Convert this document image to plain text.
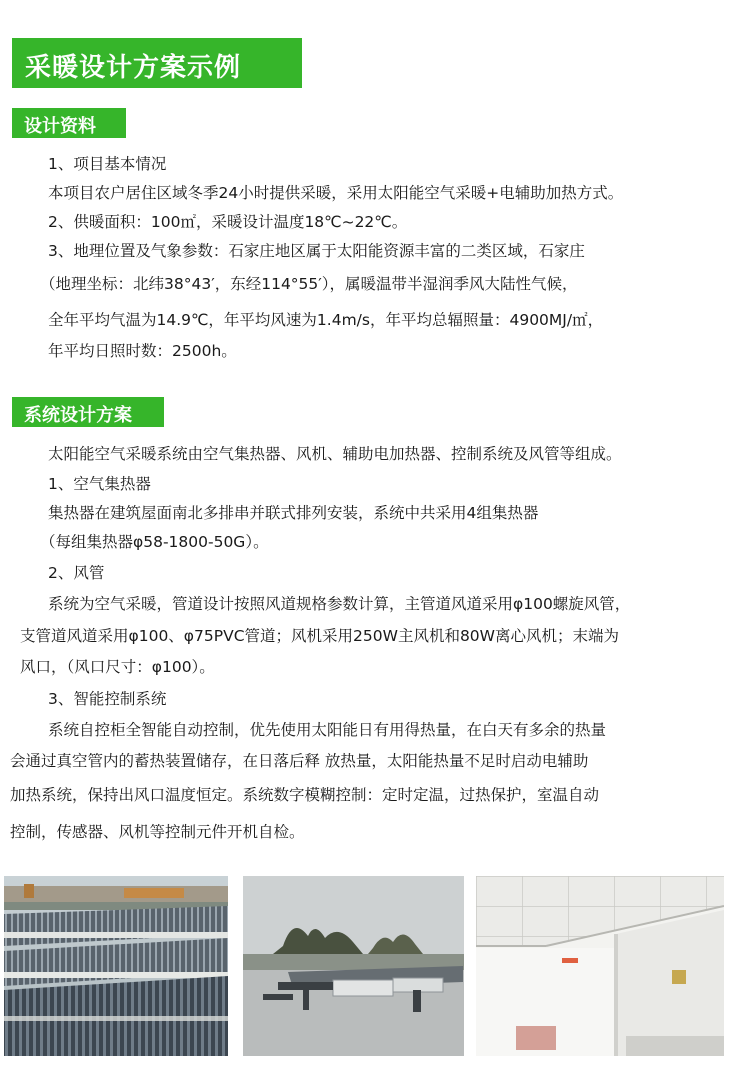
采暖设计方案示例
设计资料
1、项目基本情况
本项目农户居住区域冬季24小时提供采暖，采用太阳能空气采暖+电辅助加热方式。
2、供暖面积：100㎡，采暖设计温度18℃~22℃。
3、地理位置及气象参数：石家庄地区属于太阳能资源丰富的二类区域，石家庄
（地理坐标：北纬38°43′，东经114°55′），属暖温带半湿润季风大陆性气候，
全年平均气温为14.9℃，年平均风速为1.4m/s，年平均总辐照量：4900MJ/㎡，
年平均日照时数：2500h。
系统设计方案
太阳能空气采暖系统由空气集热器、风机、辅助电加热器、控制系统及风管等组成。
1、空气集热器
集热器在建筑屋面南北多排串并联式排列安装，系统中共采用4组集热器
（每组集热器φ58-1800-50G）。
2、风管
系统为空气采暖，管道设计按照风道规格参数计算，主管道风道采用φ100螺旋风管，
支管道风道采用φ100、φ75PVC管道；风机采用250W主风机和80W离心风机；末端为
风口，（风口尺寸：φ100）。
3、智能控制系统
系统自控柜全智能自动控制，优先使用太阳能日有用得热量，在白天有多余的热量
会通过真空管内的蓄热装置储存，在日落后释 放热量，太阳能热量不足时启动电辅助
加热系统，保持出风口温度恒定。系统数字模糊控制：定时定温，过热保护，室温自动
控制，传感器、风机等控制元件开机自检。
